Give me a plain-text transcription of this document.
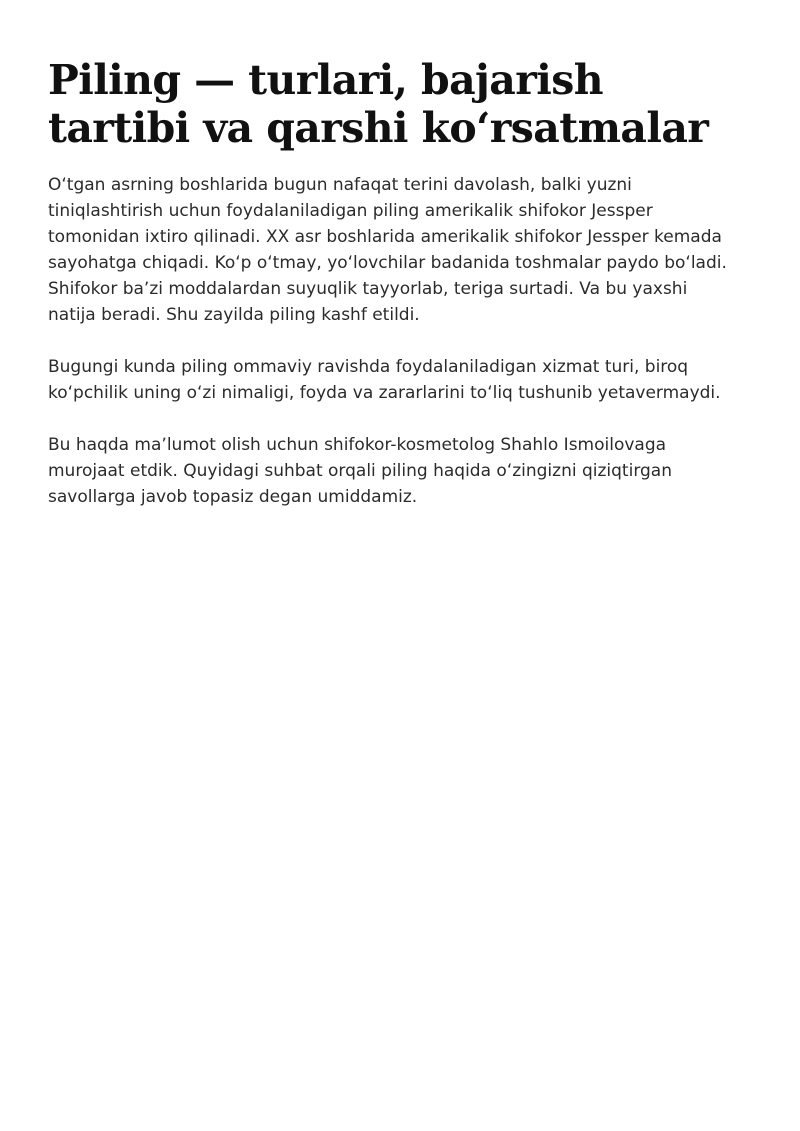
Piling — turlari, bajarish tartibi va qarshi koʻrsatmalar

Oʻtgan asrning boshlarida bugun nafaqat terini davolash, balki yuzni tiniqlashtirish uchun foydalaniladigan piling amerikalik shifokor Jessper tomonidan ixtiro qilinadi. XX asr boshlarida amerikalik shifokor Jessper kemada sayohatga chiqadi. Koʻp oʻtmay, yoʻlovchilar badanida toshmalar paydo boʻladi. Shifokor baʼzi moddalardan suyuqlik tayyorlab, teriga surtadi. Va bu yaxshi natija beradi. Shu zayilda piling kashf etildi.

Bugungi kunda piling ommaviy ravishda foydalaniladigan xizmat turi, biroq koʻpchilik uning oʻzi nimaligi, foyda va zararlarini toʻliq tushunib yetavermaydi.

Bu haqda maʼlumot olish uchun shifokor-kosmetolog Shahlo Ismoilovaga murojaat etdik. Quyidagi suhbat orqali piling haqida oʻzingizni qiziqtirgan savollarga javob topasiz degan umiddamiz.
